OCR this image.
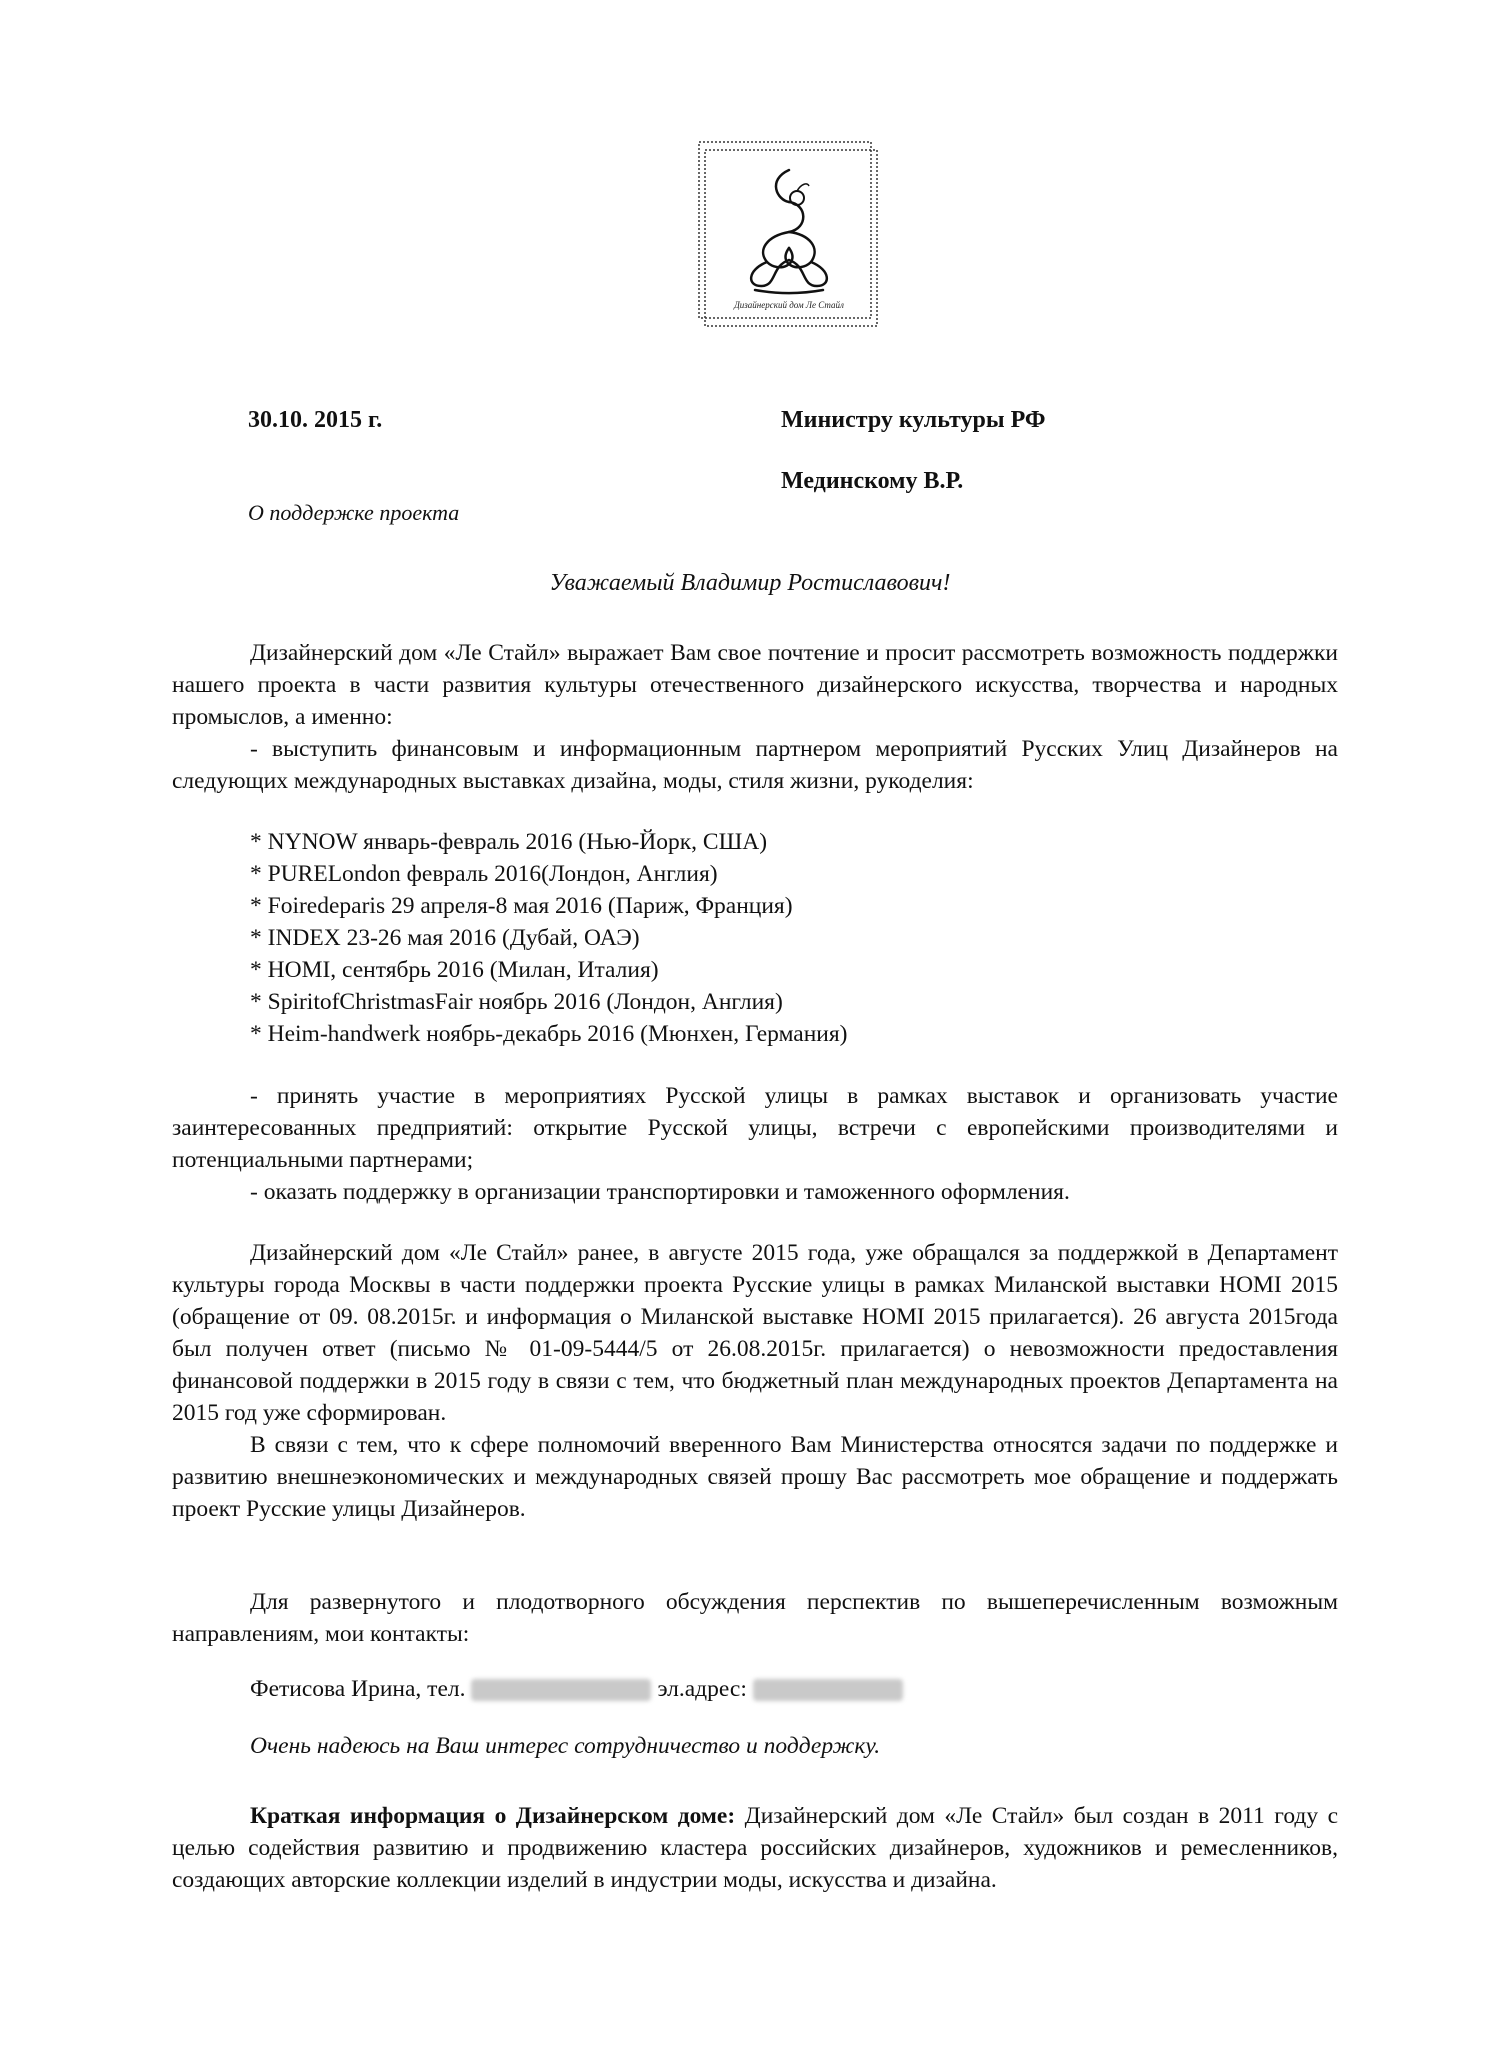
Дизайнерский дом Ле Стайл
30.10. 2015 г.	Министру культуры РФ
Мединскому В.Р.
О поддержке проекта
Уважаемый Владимир Ростиславович!

Дизайнерский дом «Ле Стайл» выражает Вам свое почтение и просит рассмотреть возможность поддержки нашего проекта в части развития культуры отечественного дизайнерского искусства, творчества и народных промыслов, а именно:

- выступить финансовым и информационным партнером мероприятий Русских Улиц Дизайнеров на следующих международных выставках дизайна, моды, стиля жизни, рукоделия:

* NYNOW январь-февраль 2016 (Нью-Йорк, США)
* PURELondon февраль 2016(Лондон, Англия)
* Foiredeparis 29 апреля-8 мая 2016 (Париж, Франция)
* INDEX 23-26 мая 2016 (Дубай, ОАЭ)
* HOMI, сентябрь 2016 (Милан, Италия)
* SpiritofChristmasFair ноябрь 2016 (Лондон, Англия)
* Heim-handwerk ноябрь-декабрь 2016 (Мюнхен, Германия)

- принять участие в мероприятиях Русской улицы в рамках выставок и организовать участие заинтересованных предприятий: открытие Русской улицы, встречи с европейскими производителями и потенциальными партнерами;

- оказать поддержку в организации транспортировки и таможенного оформления.

Дизайнерский дом «Ле Стайл» ранее, в августе 2015 года, уже обращался за поддержкой в Департамент культуры города Москвы в части поддержки проекта Русские улицы в рамках Миланской выставки HOMI 2015 (обращение от 09. 08.2015г. и информация о Миланской выставке HOMI 2015 прилагается). 26 августа 2015года был получен ответ (письмо № 01-09-5444/5 от 26.08.2015г. прилагается) о невозможности предоставления финансовой поддержки в 2015 году в связи с тем, что бюджетный план международных проектов Департамента на 2015 год уже сформирован.

В связи с тем, что к сфере полномочий вверенного Вам Министерства относятся задачи по поддержке и развитию внешнеэкономических и международных связей прошу Вас рассмотреть мое обращение и поддержать проект Русские улицы Дизайнеров.

Для развернутого и плодотворного обсуждения перспектив по вышеперечисленным возможным направлениям, мои контакты:

Фетисова Ирина, тел.	эл.адрес:
Очень надеюсь на Ваш интерес сотрудничество и поддержку.

Краткая информация о Дизайнерском доме: Дизайнерский дом «Ле Стайл» был создан в 2011 году с целью содействия развитию и продвижению кластера российских дизайнеров, художников и ремесленников, создающих авторские коллекции изделий в индустрии моды, искусства и дизайна.
